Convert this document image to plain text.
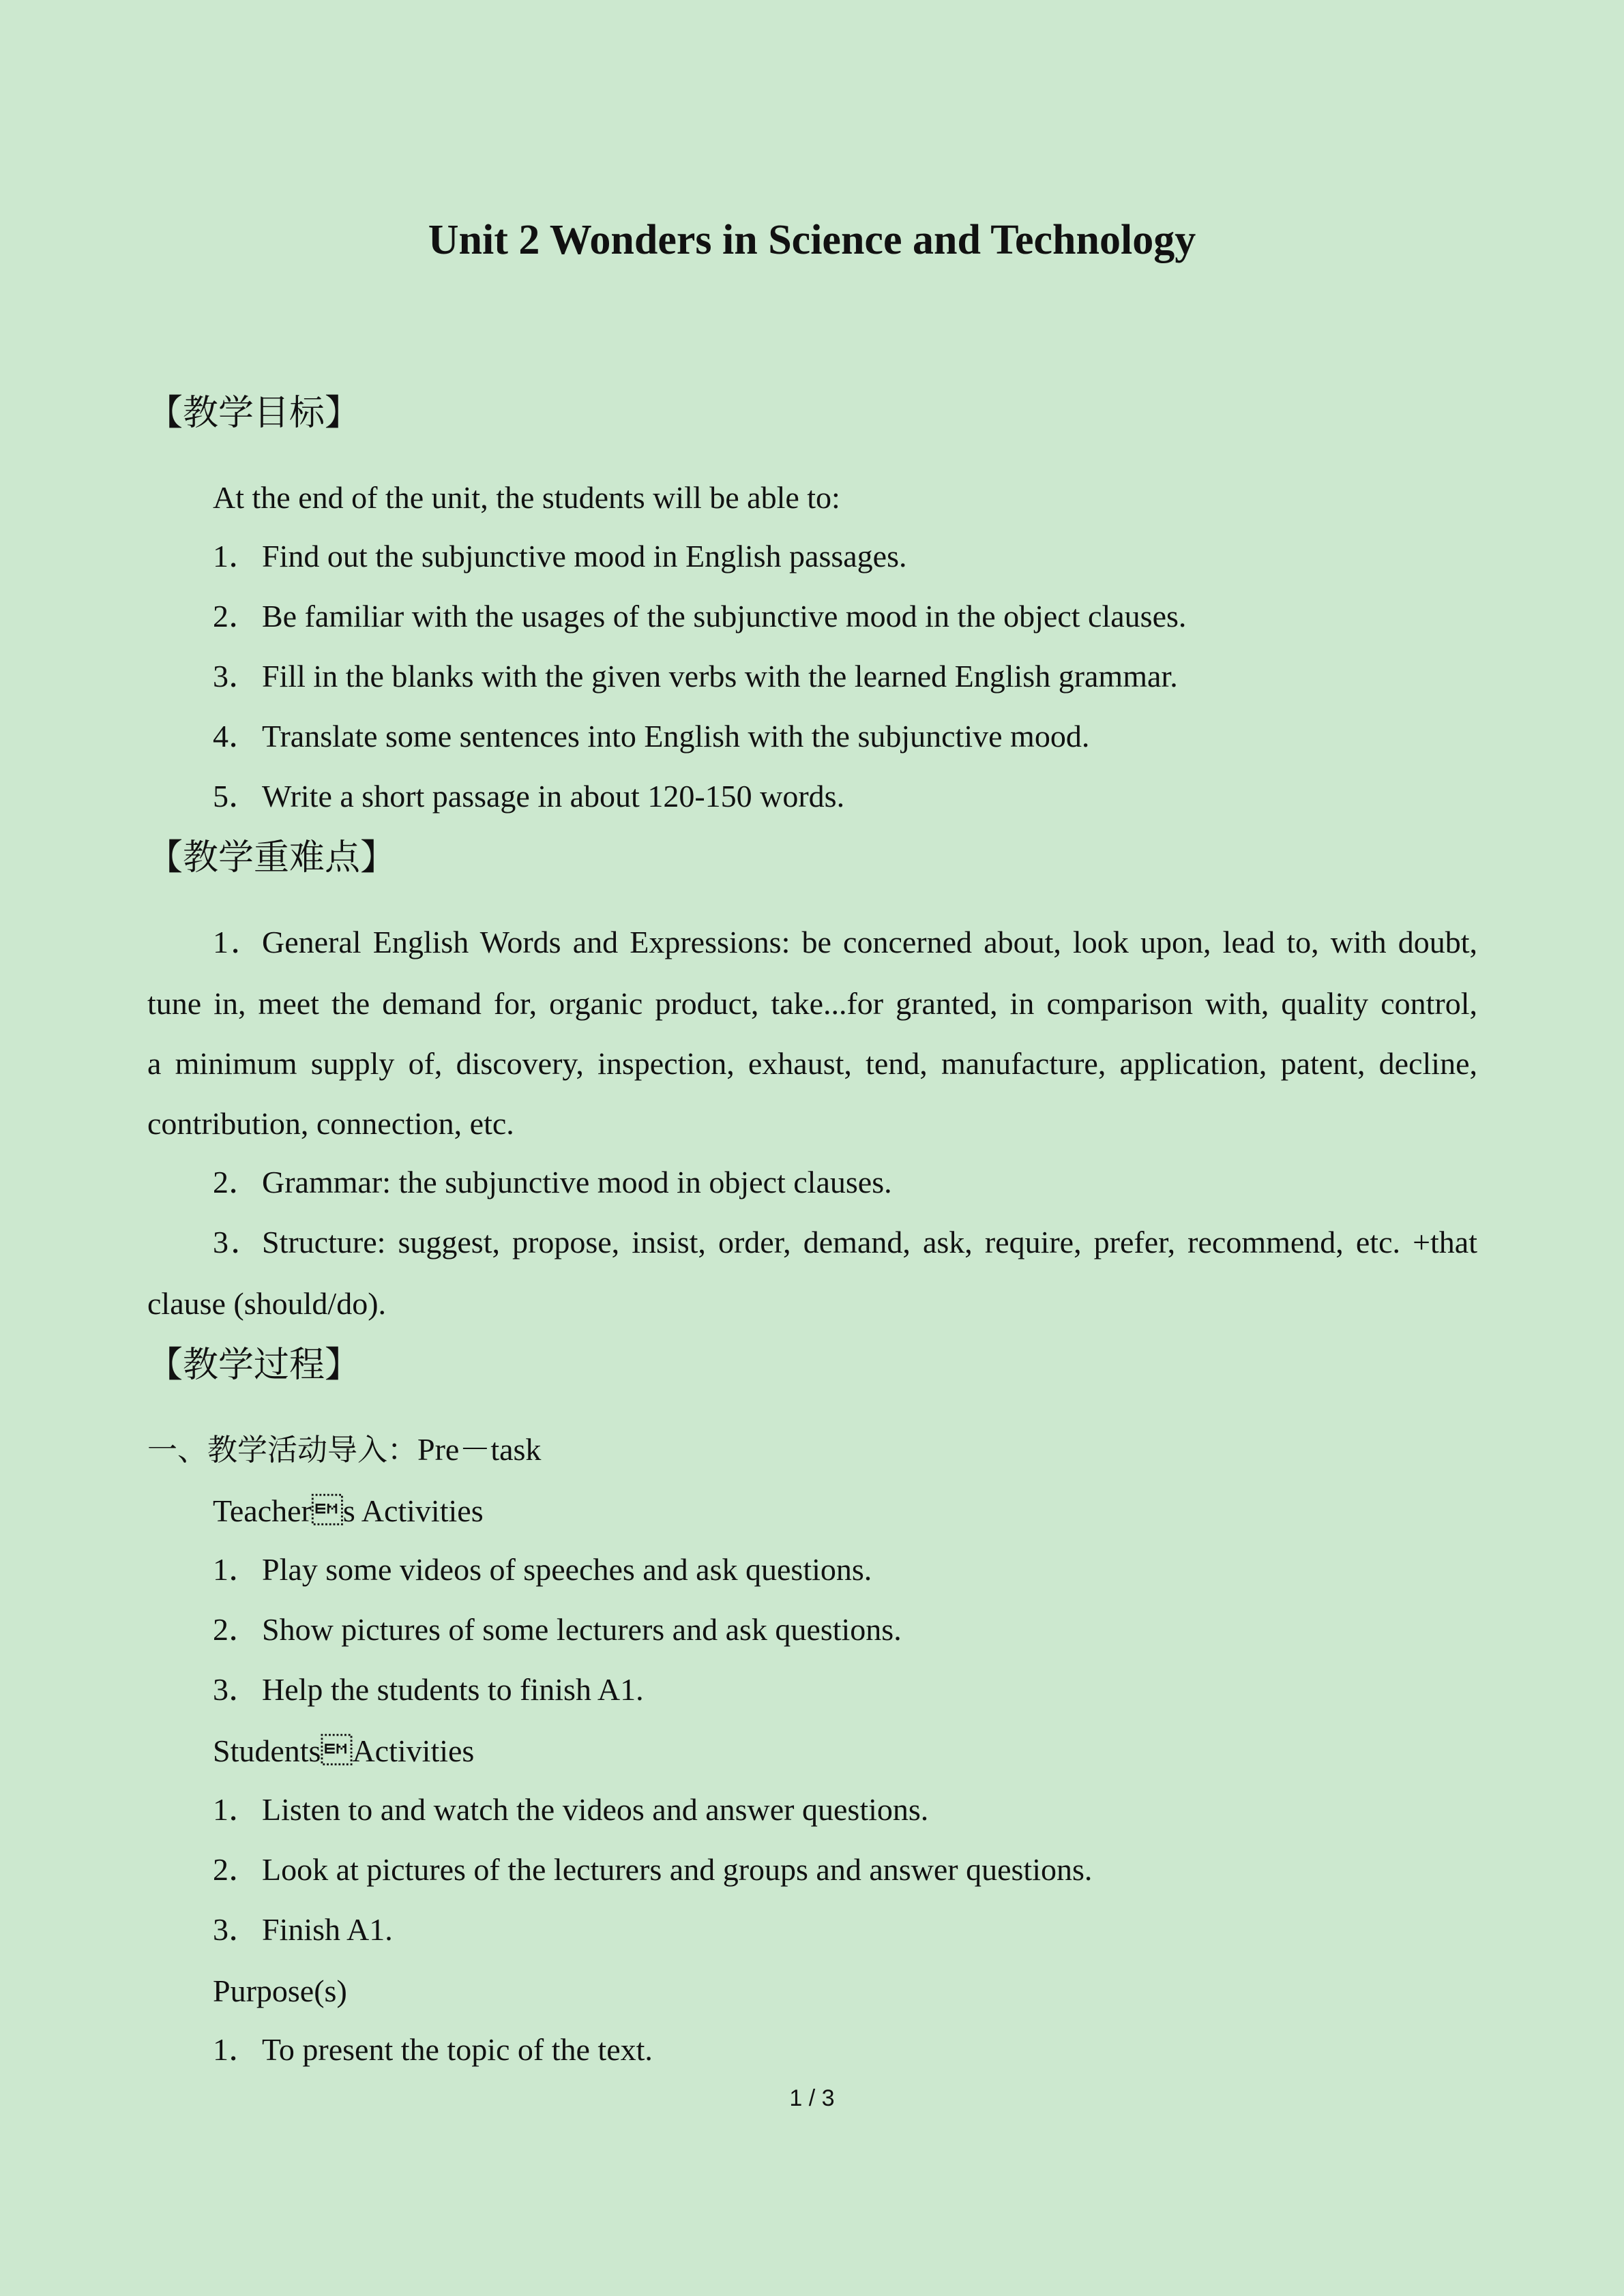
Unit 2 Wonders in Science and Technology
【教学目标】
At the end of the unit, the students will be able to:
1．Find out the subjunctive mood in English passages.
2．Be familiar with the usages of the subjunctive mood in the object clauses.
3．Fill in the blanks with the given verbs with the learned English grammar.
4．Translate some sentences into English with the subjunctive mood.
5．Write a short passage in about 120-150 words.
【教学重难点】
1．General English Words and Expressions: be concerned about, look upon, lead to, with doubt,
tune in, meet the demand for, organic product, take...for granted, in comparison with, quality control,
a minimum supply of, discovery, inspection, exhaust, tend, manufacture, application, patent, decline,
contribution, connection, etc.
2．Grammar: the subjunctive mood in object clauses.
3．Structure: suggest, propose, insist, order, demand, ask, require, prefer, recommend, etc. +that
clause (should/do).
【教学过程】
一、教学活动导入：Pre－task
Teachers Activities
1．Play some videos of speeches and ask questions.
2．Show pictures of some lecturers and ask questions.
3．Help the students to finish A1.
StudentsActivities
1．Listen to and watch the videos and answer questions.
2．Look at pictures of the lecturers and groups and answer questions.
3．Finish A1.
Purpose(s)
1．To present the topic of the text.
1 / 3
